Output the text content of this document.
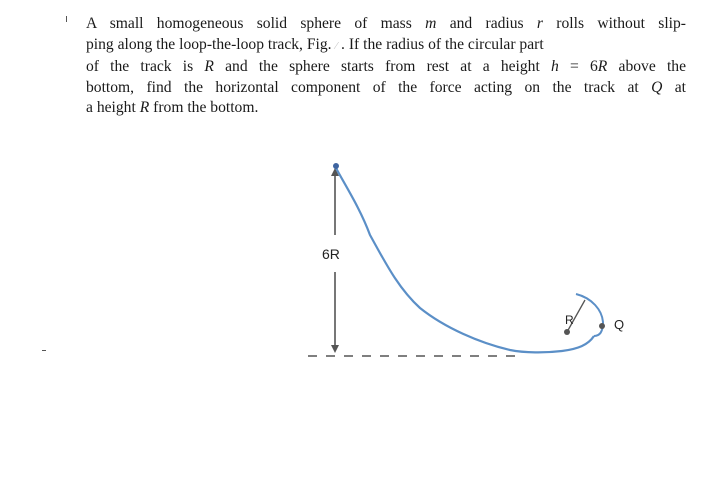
A small homogeneous solid sphere of mass m and radius r rolls without slip-
ping along the loop-the-loop track, Fig. ⁄ . If the radius of the circular part
of the track is R and the sphere starts from rest at a height h = 6R above the
bottom, find the horizontal component of the force acting on the track at Q at
a height R from the bottom.
6R
R	Q
